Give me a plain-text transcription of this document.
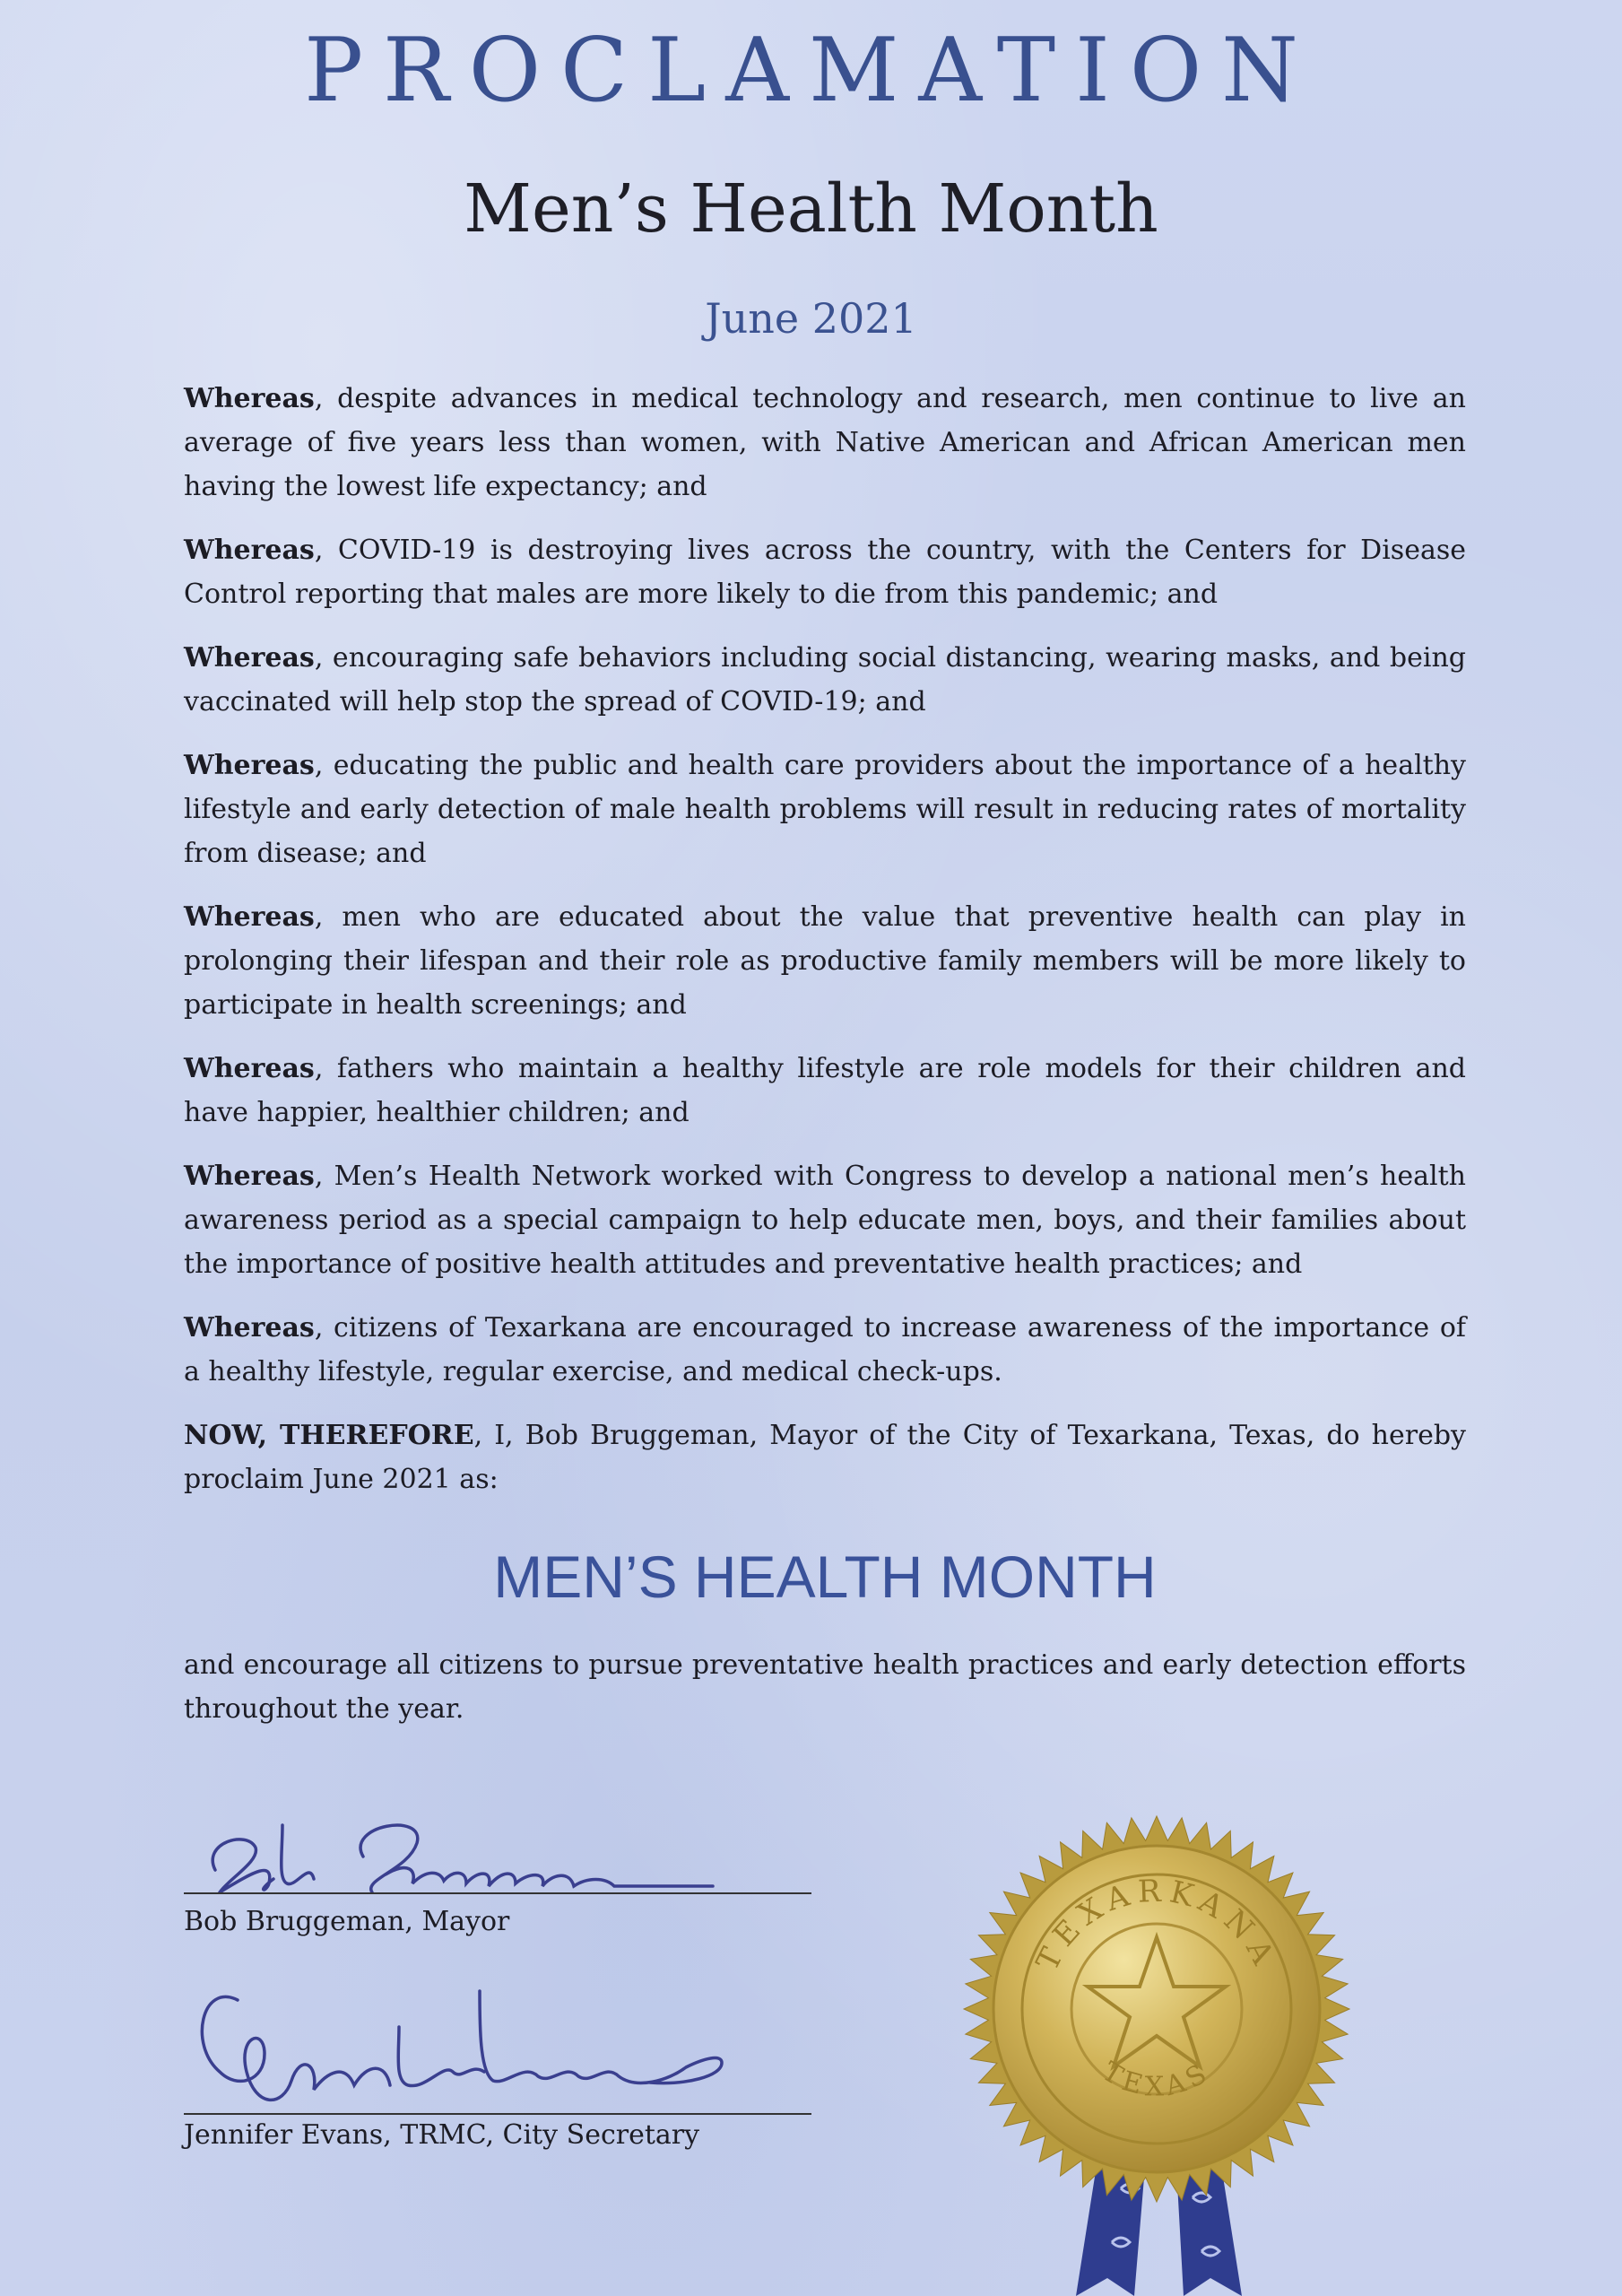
PROCLAMATION
Men’s Health Month
June 2021

Whereas, despite advances in medical technology and research, men continue to live an average of five years less than women, with Native American and African American men having the lowest life expectancy; and

Whereas, COVID-19 is destroying lives across the country, with the Centers for Disease Control reporting that males are more likely to die from this pandemic; and

Whereas, encouraging safe behaviors including social distancing, wearing masks, and being vaccinated will help stop the spread of COVID-19; and

Whereas, educating the public and health care providers about the importance of a healthy lifestyle and early detection of male health problems will result in reducing rates of mortality from disease; and

Whereas, men who are educated about the value that preventive health can play in prolonging their lifespan and their role as productive family members will be more likely to participate in health screenings; and

Whereas, fathers who maintain a healthy lifestyle are role models for their children and have happier, healthier children; and

Whereas, Men’s Health Network worked with Congress to develop a national men’s health awareness period as a special campaign to help educate men, boys, and their families about the importance of positive health attitudes and preventative health practices; and

Whereas, citizens of Texarkana are encouraged to increase awareness of the importance of a healthy lifestyle, regular exercise, and medical check-ups.

NOW, THEREFORE, I, Bob Bruggeman, Mayor of the City of Texarkana, Texas, do hereby proclaim June 2021 as:

MEN’S HEALTH MONTH

and encourage all citizens to pursue preventative health practices and early detection efforts throughout the year.

Bob Bruggeman, Mayor
Jennifer Evans, TRMC, City Secretary
TEXARKANA
TEXAS
